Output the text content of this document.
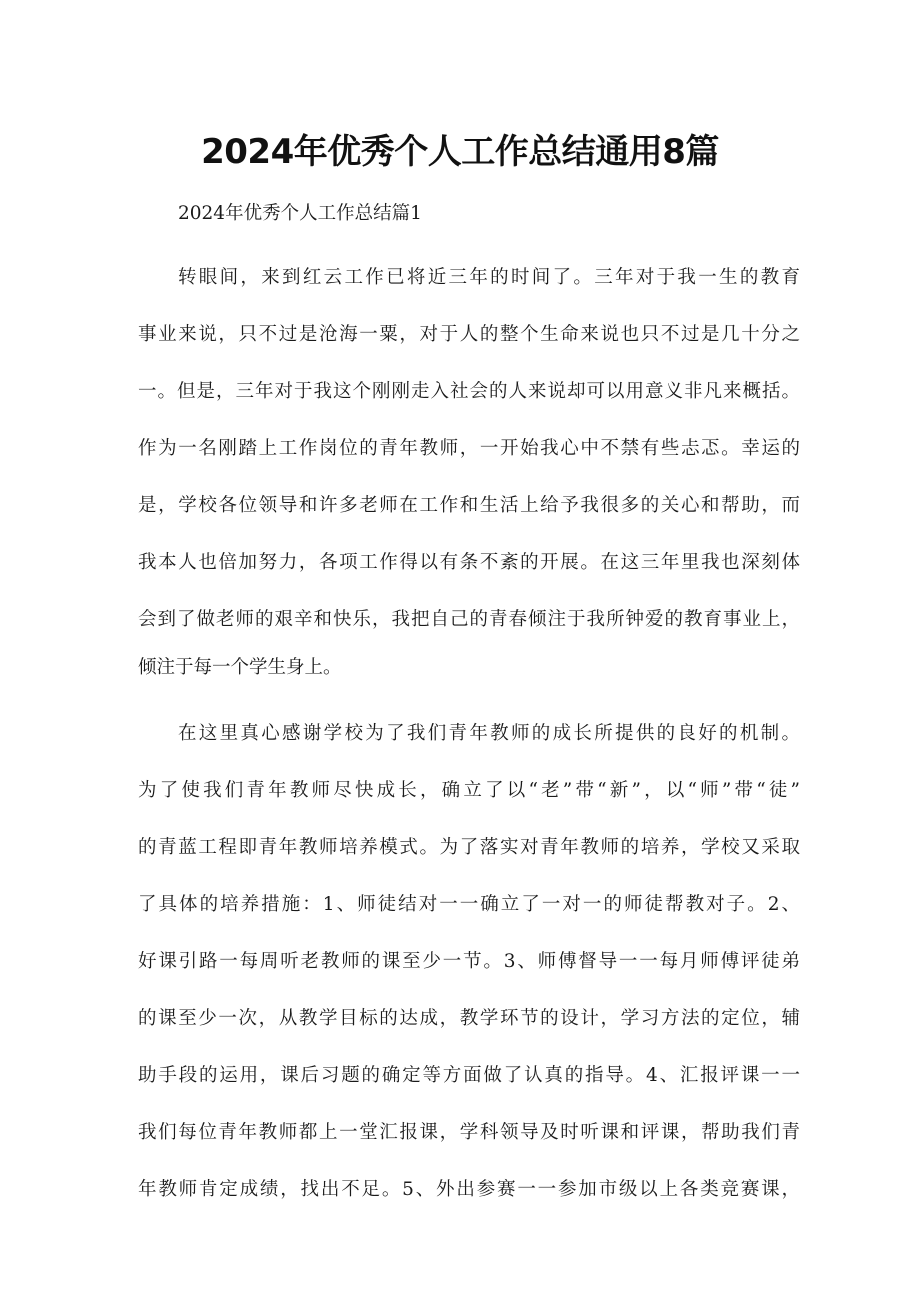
2024年优秀个人工作总结通用8篇
2024年优秀个人工作总结篇1
转眼间，来到红云工作已将近三年的时间了。三年对于我一生的教育
事业来说，只不过是沧海一粟，对于人的整个生命来说也只不过是几十分之
一。但是，三年对于我这个刚刚走入社会的人来说却可以用意义非凡来概括。
作为一名刚踏上工作岗位的青年教师，一开始我心中不禁有些忐忑。幸运的
是，学校各位领导和许多老师在工作和生活上给予我很多的关心和帮助，而
我本人也倍加努力，各项工作得以有条不紊的开展。在这三年里我也深刻体
会到了做老师的艰辛和快乐，我把自己的青春倾注于我所钟爱的教育事业上，
倾注于每一个学生身上。
在这里真心感谢学校为了我们青年教师的成长所提供的良好的机制。
为了使我们青年教师尽快成长，确立了以“老”带“新”，以“师”带“徒”
的青蓝工程即青年教师培养模式。为了落实对青年教师的培养，学校又采取
了具体的培养措施：1、师徒结对一一确立了一对一的师徒帮教对子。2、
好课引路一每周听老教师的课至少一节。3、师傅督导一一每月师傅评徒弟
的课至少一次，从教学目标的达成，教学环节的设计，学习方法的定位，辅
助手段的运用，课后习题的确定等方面做了认真的指导。4、汇报评课一一
我们每位青年教师都上一堂汇报课，学科领导及时听课和评课，帮助我们青
年教师肯定成绩，找出不足。5、外出参赛一一参加市级以上各类竞赛课，
